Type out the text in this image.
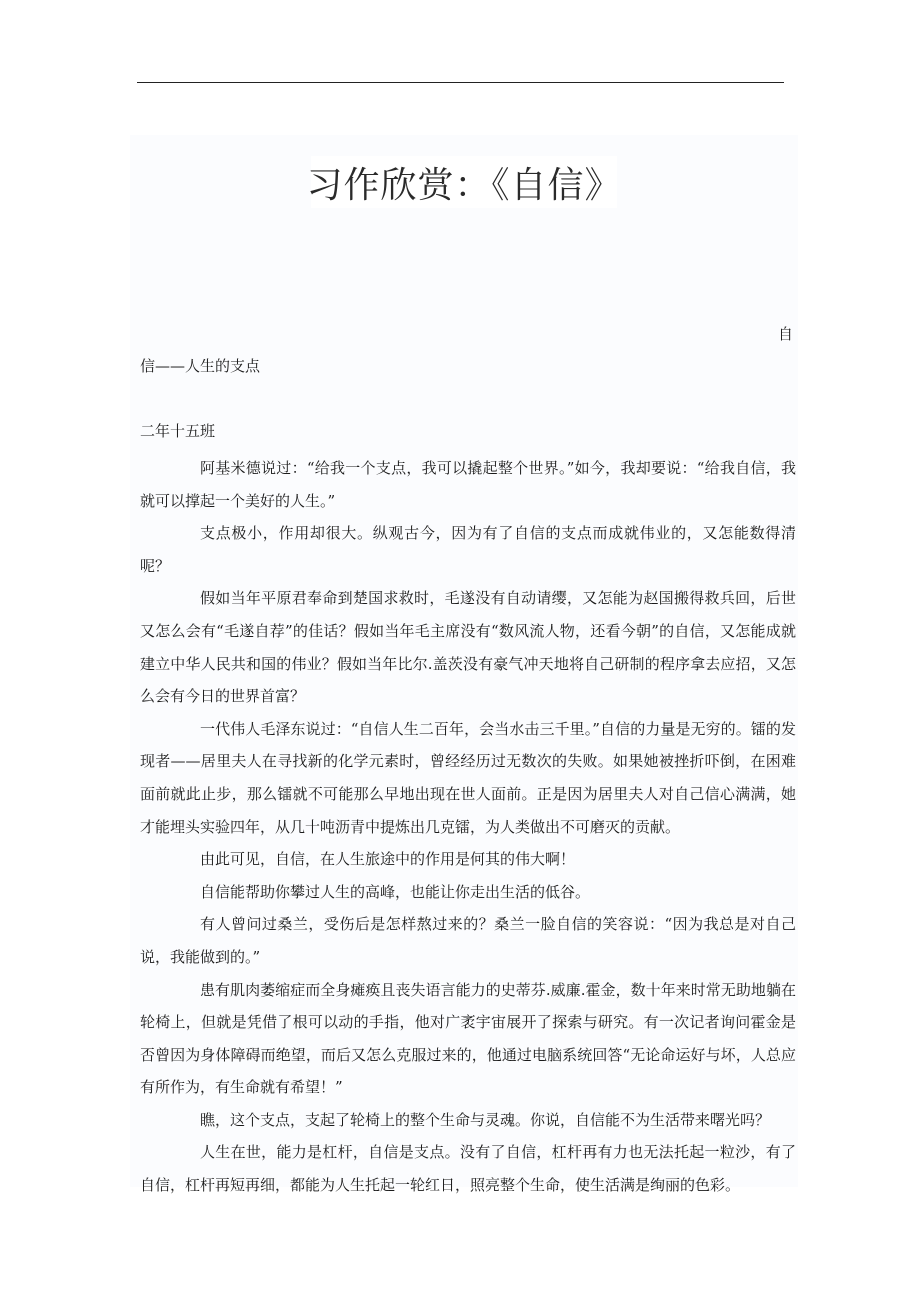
习作欣赏：《自信》
自
信——人生的支点
二年十五班

阿基米德说过：“给我一个支点，我可以撬起整个世界。”如今，我却要说：“给我自信，我就可以撑起一个美好的人生。”

支点极小，作用却很大。纵观古今，因为有了自信的支点而成就伟业的，又怎能数得清呢？

假如当年平原君奉命到楚国求救时，毛遂没有自动请缨，又怎能为赵国搬得救兵回，后世又怎么会有“毛遂自荐”的佳话？假如当年毛主席没有“数风流人物，还看今朝”的自信，又怎能成就建立中华人民共和国的伟业？假如当年比尔.盖茨没有豪气冲天地将自己研制的程序拿去应招，又怎么会有今日的世界首富？

一代伟人毛泽东说过：“自信人生二百年，会当水击三千里。”自信的力量是无穷的。镭的发现者——居里夫人在寻找新的化学元素时，曾经经历过无数次的失败。如果她被挫折吓倒，在困难面前就此止步，那么镭就不可能那么早地出现在世人面前。正是因为居里夫人对自己信心满满，她才能埋头实验四年，从几十吨沥青中提炼出几克镭，为人类做出不可磨灭的贡献。

由此可见，自信，在人生旅途中的作用是何其的伟大啊！

自信能帮助你攀过人生的高峰，也能让你走出生活的低谷。

有人曾问过桑兰，受伤后是怎样熬过来的？桑兰一脸自信的笑容说：“因为我总是对自己说，我能做到的。”

患有肌肉萎缩症而全身瘫痪且丧失语言能力的史蒂芬.威廉.霍金，数十年来时常无助地躺在轮椅上，但就是凭借了根可以动的手指，他对广袤宇宙展开了探索与研究。有一次记者询问霍金是否曾因为身体障碍而绝望，而后又怎么克服过来的，他通过电脑系统回答“无论命运好与坏，人总应有所作为，有生命就有希望！”

瞧，这个支点，支起了轮椅上的整个生命与灵魂。你说，自信能不为生活带来曙光吗？

人生在世，能力是杠杆，自信是支点。没有了自信，杠杆再有力也无法托起一粒沙，有了自信，杠杆再短再细，都能为人生托起一轮红日，照亮整个生命，使生活满是绚丽的色彩。
